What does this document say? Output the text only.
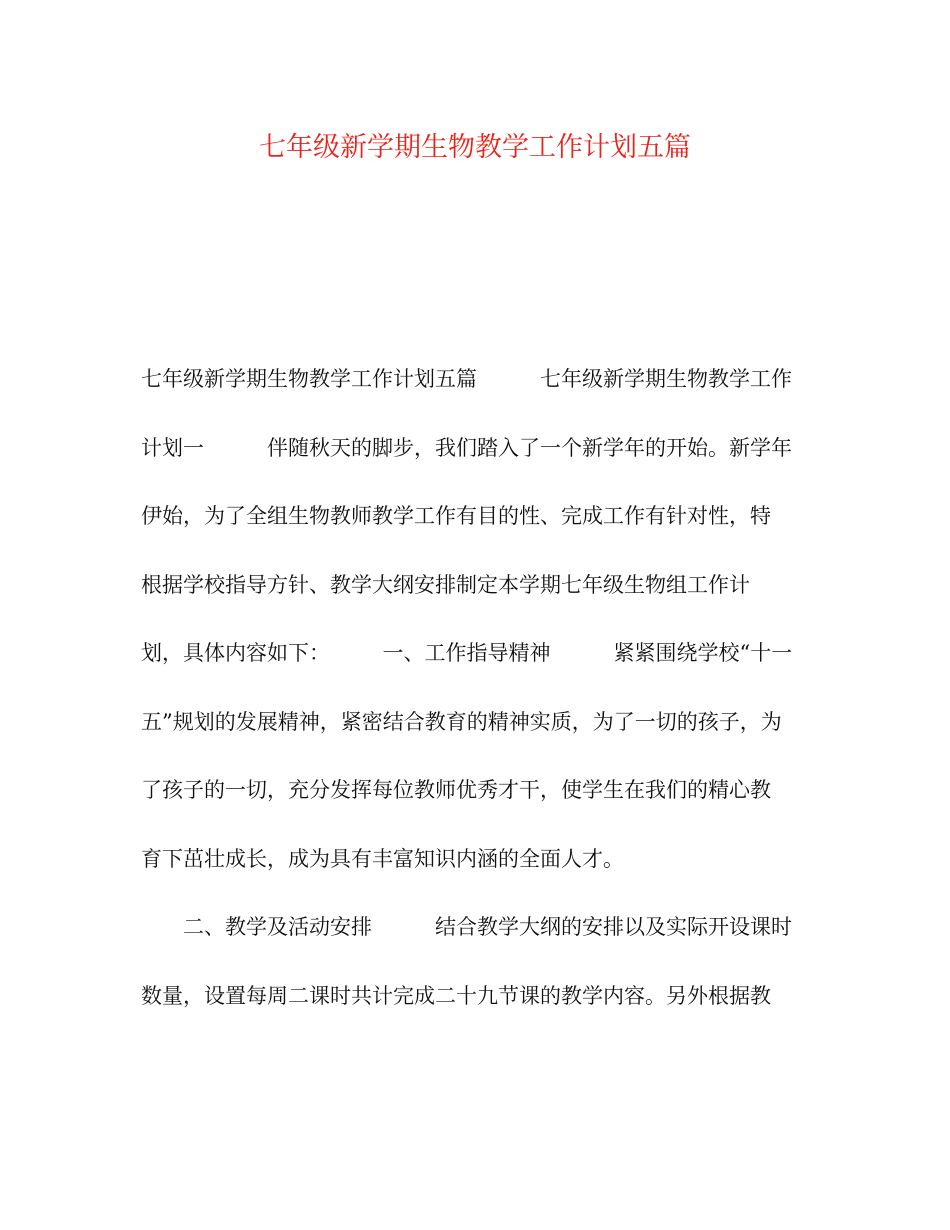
七年级新学期生物教学工作计划五篇
七年级新学期生物教学工作计划五篇　　　七年级新学期生物教学工作
计划一　　　伴随秋天的脚步，我们踏入了一个新学年的开始。新学年
伊始，为了全组生物教师教学工作有目的性、完成工作有针对性，特
根据学校指导方针、教学大纲安排制定本学期七年级生物组工作计
划，具体内容如下：　　　一、工作指导精神　　　紧紧围绕学校“十一
五”规划的发展精神，紧密结合教育的精神实质，为了一切的孩子，为
了孩子的一切，充分发挥每位教师优秀才干，使学生在我们的精心教
育下茁壮成长，成为具有丰富知识内涵的全面人才。
　　二、教学及活动安排　　　结合教学大纲的安排以及实际开设课时
数量，设置每周二课时共计完成二十九节课的教学内容。另外根据教
